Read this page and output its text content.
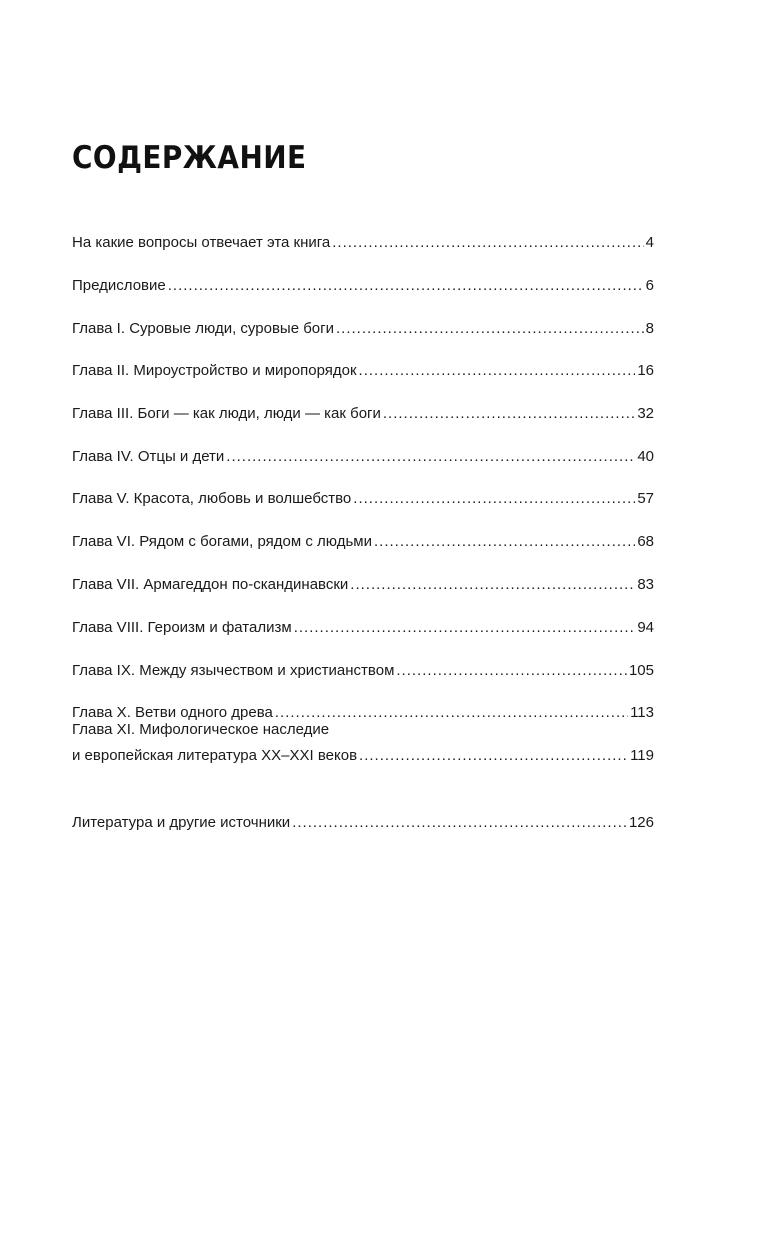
СОДЕРЖАНИЕ
На какие вопросы отвечает эта книга .....	4
Предисловие .....	6
Глава I. Суровые люди, суровые боги .....	8
Глава II. Мироустройство и миропорядок .....	16
Глава III. Боги — как люди, люди — как боги .....	32
Глава IV. Отцы и дети .....	40
Глава V. Красота, любовь и волшебство .....	57
Глава VI. Рядом с богами, рядом с людьми .....	68
Глава VII. Армагеддон по-скандинавски .....	83
Глава VIII. Героизм и фатализм .....	94
Глава IX. Между язычеством и христианством .....	105
Глава X. Ветви одного древа .....	113
Глава XI. Мифологическое наследие
и европейская литература XX–XXI веков .....	119
Литература и другие источники .....	126
